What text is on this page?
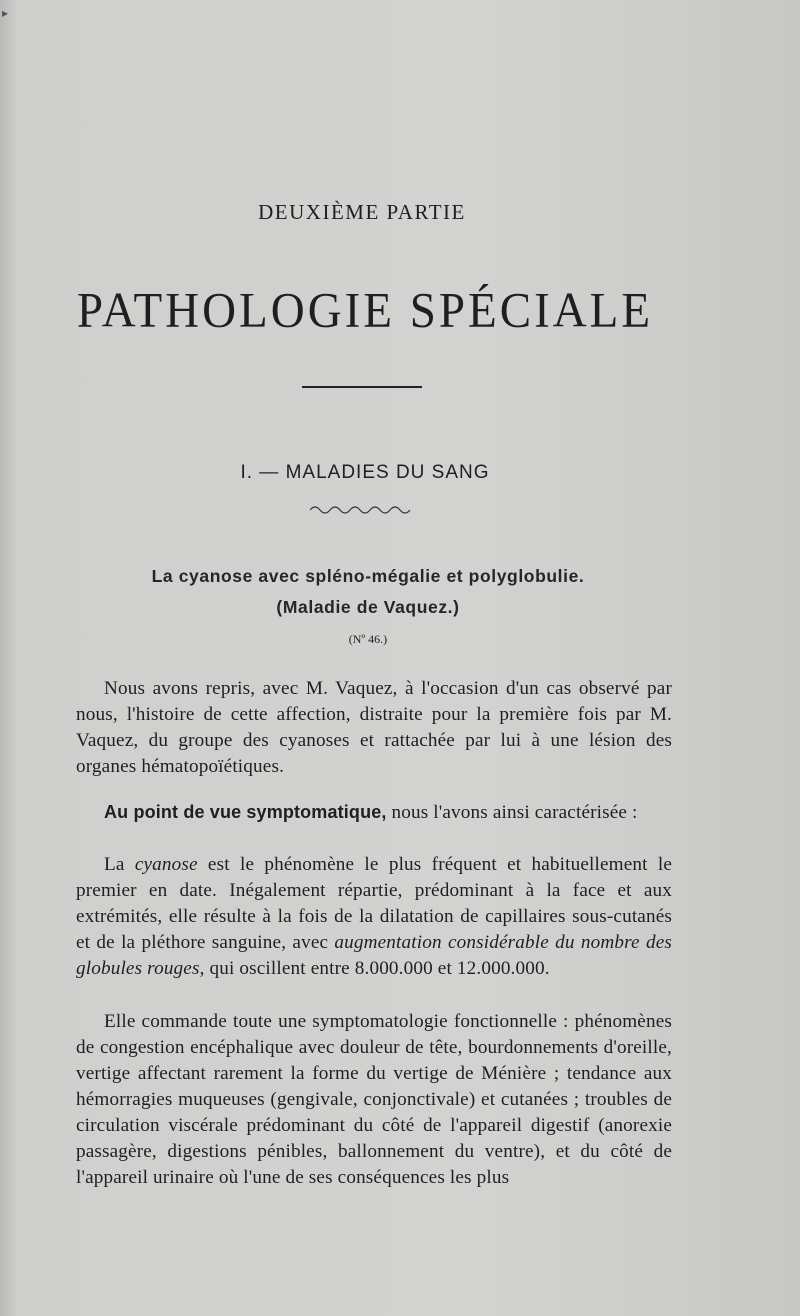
DEUXIÈME PARTIE
PATHOLOGIE SPÉCIALE
I. — MALADIES DU SANG
La cyanose avec spléno-mégalie et polyglobulie.
(Maladie de Vaquez.)
(Nº 46.)

Nous avons repris, avec M. Vaquez, à l'occasion d'un cas observé par nous, l'histoire de cette affection, distraite pour la première fois par M. Vaquez, du groupe des cyanoses et rattachée par lui à une lésion des organes hématopoïétiques.

Au point de vue symptomatique, nous l'avons ainsi caractérisée :

La cyanose est le phénomène le plus fréquent et habituellement le premier en date. Inégalement répartie, prédominant à la face et aux extrémités, elle résulte à la fois de la dilatation de capillaires sous-cutanés et de la pléthore sanguine, avec augmentation considérable du nombre des globules rouges, qui oscillent entre 8.000.000 et 12.000.000.

Elle commande toute une symptomatologie fonctionnelle : phénomènes de congestion encéphalique avec douleur de tête, bourdonnements d'oreille, vertige affectant rarement la forme du vertige de Ménière ; tendance aux hémorragies muqueuses (gengivale, conjonctivale) et cutanées ; troubles de circulation viscérale prédominant du côté de l'appareil digestif (anorexie passagère, digestions pénibles, ballonnement du ventre), et du côté de l'appareil urinaire où l'une de ses conséquences les plus

▸
